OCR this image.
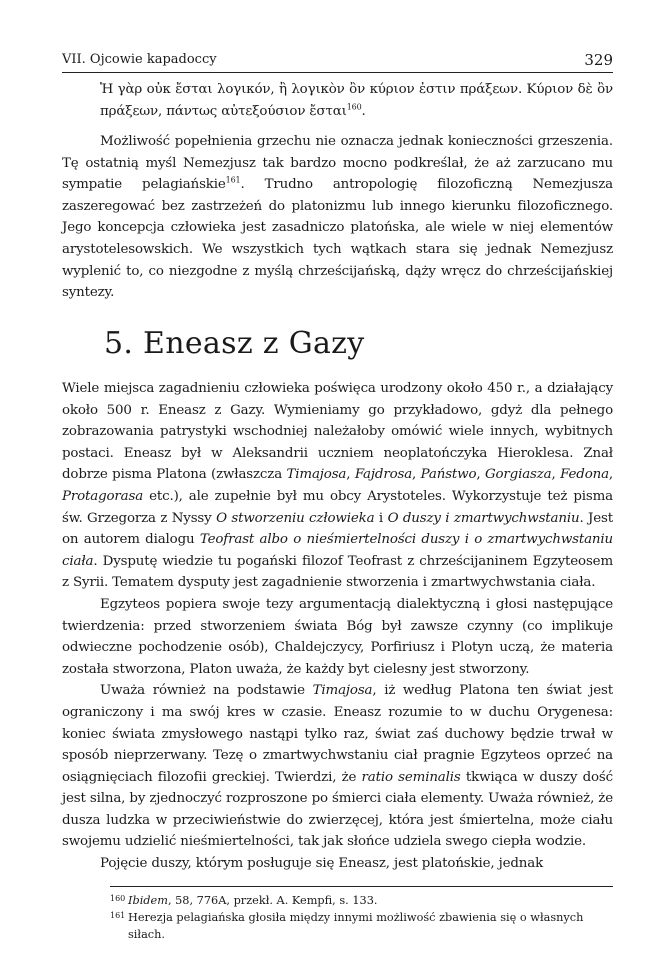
VII. Ojcowie kapadoccy	329
Ἡ γὰρ οὐκ ἔσται λογικόν, ἢ λογικὸν ὂν κύριον ἐστιν πράξεων. Κύριον δὲ ὂν πράξεων, πάντως αὐτεξούσιον ἔσται$^{160}$.

Możliwość popełnienia grzechu nie oznacza jednak konieczności grzeszenia. Tę ostatnią myśl Nemezjusz tak bardzo mocno podkreślał, że aż zarzucano mu sympatie pelagiańskie$^{161}$. Trudno antropologię filozoficzną Nemezjusza zaszeregować bez zastrzeżeń do platonizmu lub innego kierunku filozoficznego. Jego koncepcja człowieka jest zasadniczo platońska, ale wiele w niej elementów arystotelesowskich. We wszystkich tych wątkach stara się jednak Nemezjusz wyplenić to, co niezgodne z myślą chrześcijańską, dąży wręcz do chrześcijańskiej syntezy.

5. Eneasz z Gazy

Wiele miejsca zagadnieniu człowieka poświęca urodzony około 450 r., a działający około 500 r. Eneasz z Gazy. Wymieniamy go przykładowo, gdyż dla pełnego zobrazowania patrystyki wschodniej należałoby omówić wiele innych, wybitnych postaci. Eneasz był w Aleksandrii uczniem neoplatończyka Hieroklesa. Znał dobrze pisma Platona (zwłaszcza Timajosa, Fajdrosa, Państwo, Gorgiasza, Fedona, Protagorasa etc.), ale zupełnie był mu obcy Arystoteles. Wykorzystuje też pisma św. Grzegorza z Nyssy O stworzeniu człowieka i O duszy i zmartwychwstaniu. Jest on autorem dialogu Teofrast albo o nieśmiertelności duszy i o zmartwychwstaniu ciała. Dysputę wiedzie tu pogański filozof Teofrast z chrześcijaninem Egzyteosem z Syrii. Tematem dysputy jest zagadnienie stworzenia i zmartwychwstania ciała.

Egzyteos popiera swoje tezy argumentacją dialektyczną i głosi następujące twierdzenia: przed stworzeniem świata Bóg był zawsze czynny (co implikuje odwieczne pochodzenie osób), Chaldejczycy, Porfiriusz i Plotyn uczą, że materia została stworzona, Platon uważa, że każdy byt cielesny jest stworzony.

Uważa również na podstawie Timajosa, iż według Platona ten świat jest ograniczony i ma swój kres w czasie. Eneasz rozumie to w duchu Orygenesa: koniec świata zmysłowego nastąpi tylko raz, świat zaś duchowy będzie trwał w sposób nieprzerwany. Tezę o zmartwychwstaniu ciał pragnie Egzyteos oprzeć na osiągnięciach filozofii greckiej. Twierdzi, że ratio seminalis tkwiąca w duszy dość jest silna, by zjednoczyć rozproszone po śmierci ciała elementy. Uważa również, że dusza ludzka w przeciwieństwie do zwierzęcej, która jest śmiertelna, może ciału swojemu udzielić nieśmiertelności, tak jak słońce udziela swego ciepła wodzie.

Pojęcie duszy, którym posługuje się Eneasz, jest platońskie, jednak

160 Ibidem, 58, 776A, przekł. A. Kempfi, s. 133.
161 Herezja pelagiańska głosiła między innymi możliwość zbawienia się o własnych siłach.
